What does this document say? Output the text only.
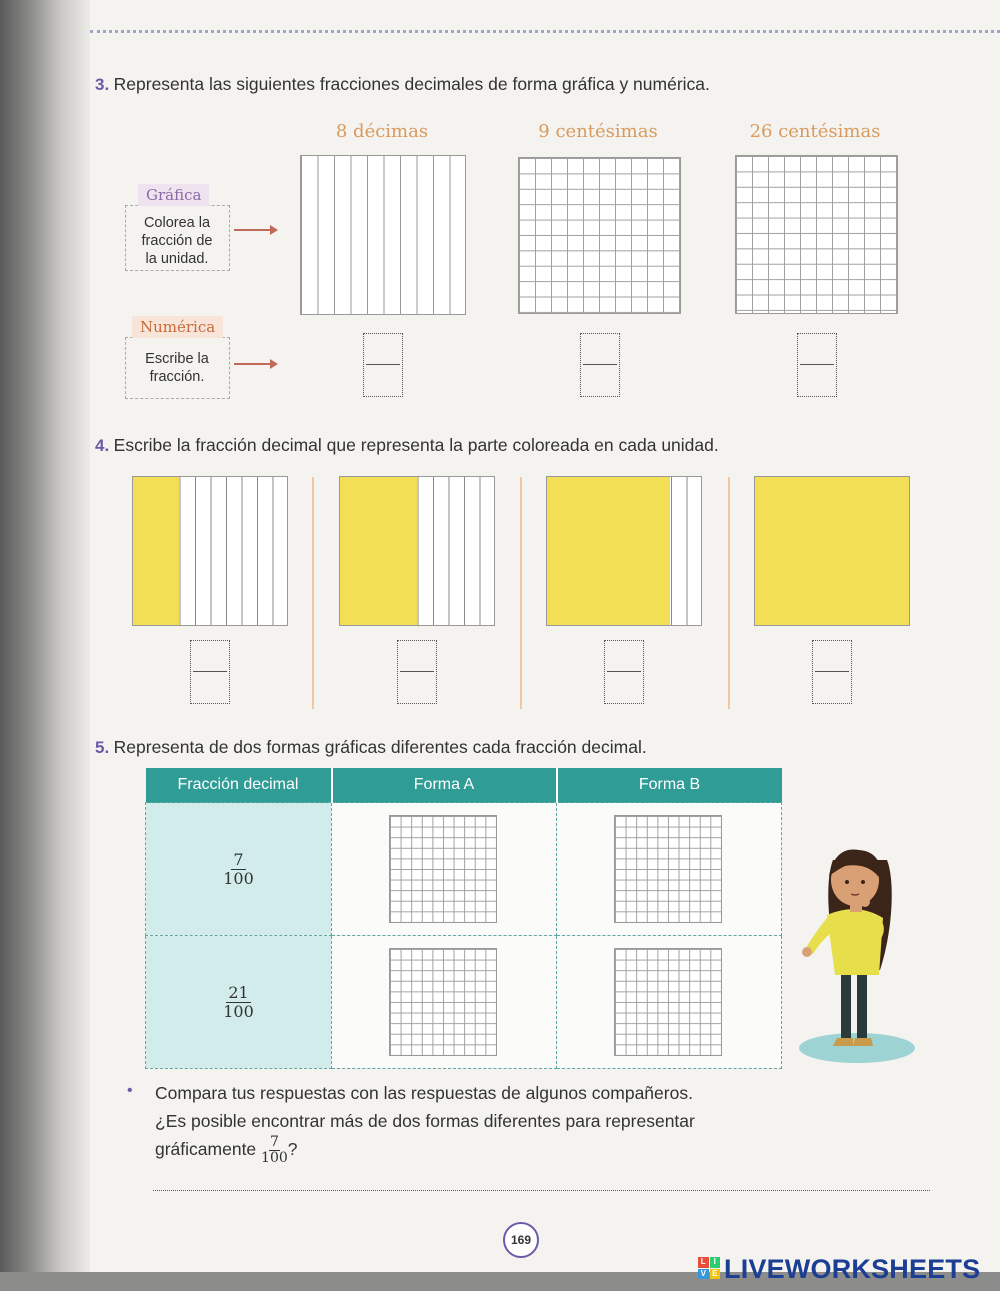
3. Representa las siguientes fracciones decimales de forma gráfica y numérica.
8 décimas	9 centésimas	26 centésimas
Gráfica
Colorea la
fracción de
la unidad.
Numérica
Escribe la
fracción.
4. Escribe la fracción decimal que representa la parte coloreada en cada unidad.
5. Representa de dos formas gráficas diferentes cada fracción decimal.
Fracción decimal	Forma A	Forma B

$\frac{7}{100}$

$\frac{21}{100}$

• Compara tus respuestas con las respuestas de algunos compañeros.
¿Es posible encontrar más de dos formas diferentes para representar
gráficamente $\frac{7}{100}$ ?
169
L I
V E LIVEWORKSHEETS
